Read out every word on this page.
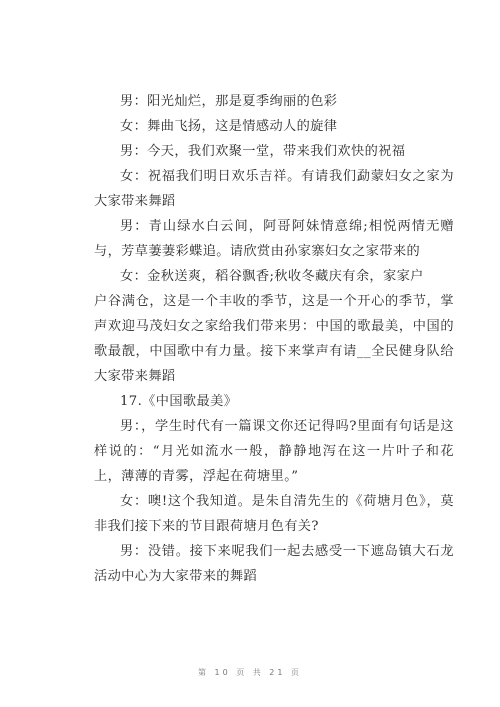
男：阳光灿烂，那是夏季绚丽的色彩

女：舞曲飞扬，这是情感动人的旋律

男：今天，我们欢聚一堂，带来我们欢快的祝福

女：祝福我们明日欢乐吉祥。有请我们勐蒙妇女之家为大家带来舞蹈

男：青山绿水白云间，阿哥阿妹情意绵;相悦两情无赠与，芳草萋萋彩蝶追。请欣赏由孙家寨妇女之家带来的

女：金秋送爽，稻谷飘香;秋收冬藏庆有余，家家户

户谷满仓，这是一个丰收的季节，这是一个开心的季节，掌声欢迎马茂妇女之家给我们带来男：中国的歌最美，中国的歌最靓，中国歌中有力量。接下来掌声有请__全民健身队给大家带来舞蹈

17.《中国歌最美》

男：，学生时代有一篇课文你还记得吗?里面有句话是这样说的：“月光如流水一般，静静地泻在这一片叶子和花上，薄薄的青雾，浮起在荷塘里。”

女：噢!这个我知道。是朱自清先生的《荷塘月色》，莫非我们接下来的节目跟荷塘月色有关?

男：没错。接下来呢我们一起去感受一下遮岛镇大石龙活动中心为大家带来的舞蹈

第 10 页 共 21 页
